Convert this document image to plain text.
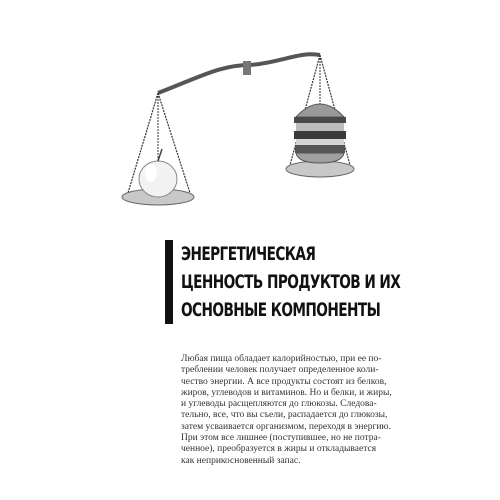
ЭНЕРГЕТИЧЕСКАЯ
ЦЕННОСТЬ ПРОДУКТОВ И ИХ
ОСНОВНЫЕ КОМПОНЕНТЫ

Любая пища обладает калорийностью, при ее по-
треблении человек получает определенное коли-
чество энергии. А все продукты состоят из белков,
жиров, углеводов и витаминов. Но и белки, и жиры,
и углеводы расщепляются до глюкозы. Следова-
тельно, все, что вы съели, распадается до глюкозы,
затем усваивается организмом, переходя в энергию.
При этом все лишнее (поступившее, но не потра-
ченное), преобразуется в жиры и откладывается
как неприкосновенный запас.
